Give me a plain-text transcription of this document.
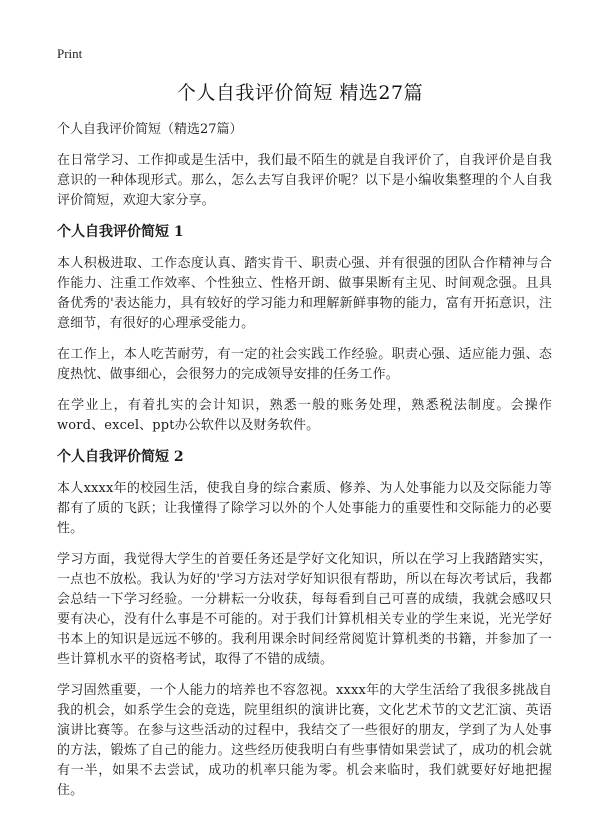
Print
个人自我评价简短 精选27篇

个人自我评价简短（精选27篇）

在日常学习、工作抑或是生活中，我们最不陌生的就是自我评价了，自我评价是自我意识的一种体现形式。那么，怎么去写自我评价呢？以下是小编收集整理的个人自我评价简短，欢迎大家分享。

个人自我评价简短 1

本人积极进取、工作态度认真、踏实肯干、职责心强、并有很强的团队合作精神与合作能力、注重工作效率、个性独立、性格开朗、做事果断有主见、时间观念强。且具备优秀的'表达能力，具有较好的学习能力和理解新鲜事物的能力，富有开拓意识，注意细节，有很好的心理承受能力。

在工作上，本人吃苦耐劳，有一定的社会实践工作经验。职责心强、适应能力强、态度热忱、做事细心，会很努力的完成领导安排的任务工作。

在学业上，有着扎实的会计知识，熟悉一般的账务处理，熟悉税法制度。会操作word、excel、ppt办公软件以及财务软件。

个人自我评价简短 2

本人xxxx年的校园生活，使我自身的综合素质、修养、为人处事能力以及交际能力等都有了质的飞跃；让我懂得了除学习以外的个人处事能力的重要性和交际能力的必要性。

学习方面，我觉得大学生的首要任务还是学好文化知识，所以在学习上我踏踏实实，一点也不放松。我认为好的'学习方法对学好知识很有帮助，所以在每次考试后，我都会总结一下学习经验。一分耕耘一分收获，每每看到自己可喜的成绩，我就会感叹只要有决心，没有什么事是不可能的。对于我们计算机相关专业的学生来说，光光学好书本上的知识是远远不够的。我利用课余时间经常阅览计算机类的书籍，并参加了一些计算机水平的资格考试，取得了不错的成绩。

学习固然重要，一个人能力的培养也不容忽视。xxxx年的大学生活给了我很多挑战自我的机会，如系学生会的竞选，院里组织的演讲比赛，文化艺术节的文艺汇演、英语演讲比赛等。在参与这些活动的过程中，我结交了一些很好的朋友，学到了为人处事的方法，锻炼了自己的能力。这些经历使我明白有些事情如果尝试了，成功的机会就有一半，如果不去尝试，成功的机率只能为零。机会来临时，我们就要好好地把握住。
